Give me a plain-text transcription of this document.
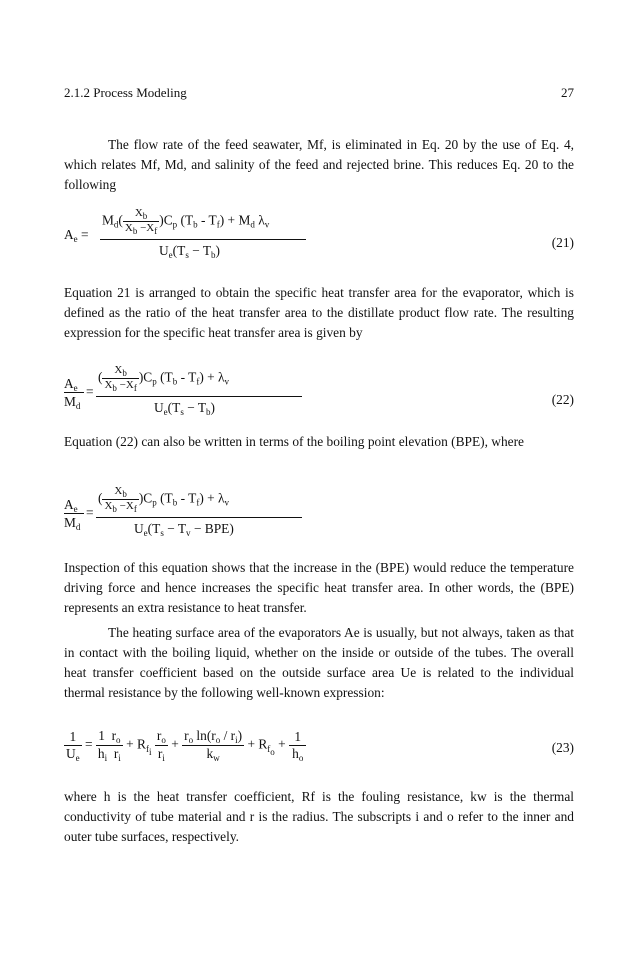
2.1.2 Process Modeling	27
The flow rate of the feed seawater, Mf, is eliminated in Eq. 20 by the use of Eq. 4, which relates Mf, Md, and salinity of the feed and rejected brine. This reduces Eq. 20 to the following
$A_e$ =
$M_d( \frac{X_b}{X_b -X_f} )C_p$ $(T_b - T_f) + M_d$ $\lambda_v$
$U_e(T_s - T_b)$
(21)
Equation 21 is arranged to obtain the specific heat transfer area for the evaporator, which is defined as the ratio of the heat transfer area to the distillate product flow rate. The resulting expression for the specific heat transfer area is given by
$A_e$
$M_d$
=
( $\frac{X_b}{X_b -X_f} )C_p$ $(T_b - T_f) + \lambda_v$
$U_e(T_s - T_b)$
(22)
Equation (22) can also be written in terms of the boiling point elevation (BPE), where
$A_e$
$M_d$
=
( $\frac{X_b}{X_b -X_f} )C_p$ $(T_b - T_f) + \lambda_v$
$U_e(T_s - T_v - BPE)$
Inspection of this equation shows that the increase in the (BPE) would reduce the temperature driving force and hence increases the specific heat transfer area. In other words, the (BPE) represents an extra resistance to heat transfer.
The heating surface area of the evaporators Ae is usually, but not always, taken as that in contact with the boiling liquid, whether on the inside or outside of the tubes. The overall heat transfer coefficient based on the outside surface area Ue is related to the individual thermal resistance by the following well-known expression:
$\frac{1}{U_e} = \frac{1 r_o}{h_i r_i} + R_{f_i} \frac{r_o}{r_i} + \frac{r_o \ln(r_o / r_i)}{k_w} + R_{f_o} + \frac{1}{h_o}$	(23)
where h is the heat transfer coefficient, Rf is the fouling resistance, kw is the thermal conductivity of tube material and r is the radius. The subscripts i and o refer to the inner and outer tube surfaces, respectively.
